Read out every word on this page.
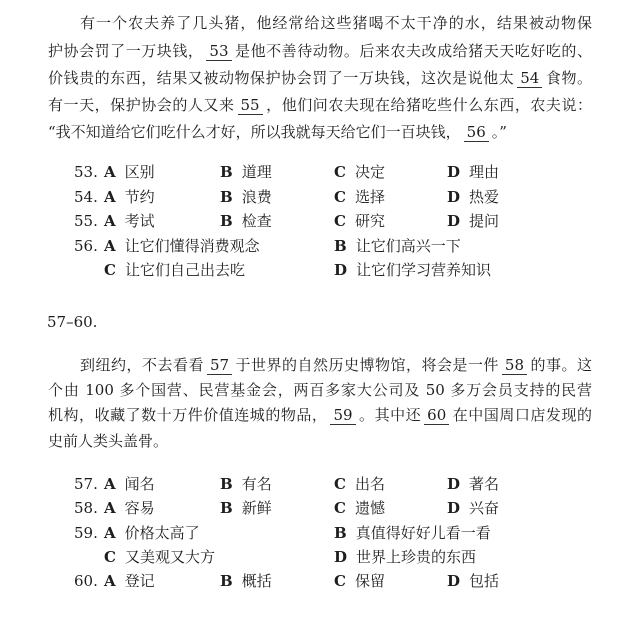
有一个农夫养了几头猪，他经常给这些猪喝不太干净的水，结果被动物保
护协会罚了一万块钱， 53 是他不善待动物。后来农夫改成给猪天天吃好吃的、
价钱贵的东西，结果又被动物保护协会罚了一万块钱，这次是说他太 54 食物。
有一天，保护协会的人又来 55 ，他们问农夫现在给猪吃些什么东西，农夫说：
“我不知道给它们吃什么才好，所以我就每天给它们一百块钱， 56 。”
53. A 区别	B 道理	C 决定	D 理由
54. A 节约	B 浪费	C 选择	D 热爱
55. A 考试	B 检查	C 研究	D 提问
56. A 让它们懂得消费观念	B 让它们高兴一下
C 让它们自己出去吃	D 让它们学习营养知识
57–60.
到纽约，不去看看 57 于世界的自然历史博物馆，将会是一件 58 的事。这
个由 100 多个国营、民营基金会，两百多家大公司及 50 多万会员支持的民营
机构，收藏了数十万件价值连城的物品， 59 。其中还 60 在中国周口店发现的
史前人类头盖骨。
57. A 闻名	B 有名	C 出名	D 著名
58. A 容易	B 新鲜	C 遗憾	D 兴奋
59. A 价格太高了	B 真值得好好儿看一看
C 又美观又大方	D 世界上珍贵的东西
60. A 登记	B 概括	C 保留	D 包括
